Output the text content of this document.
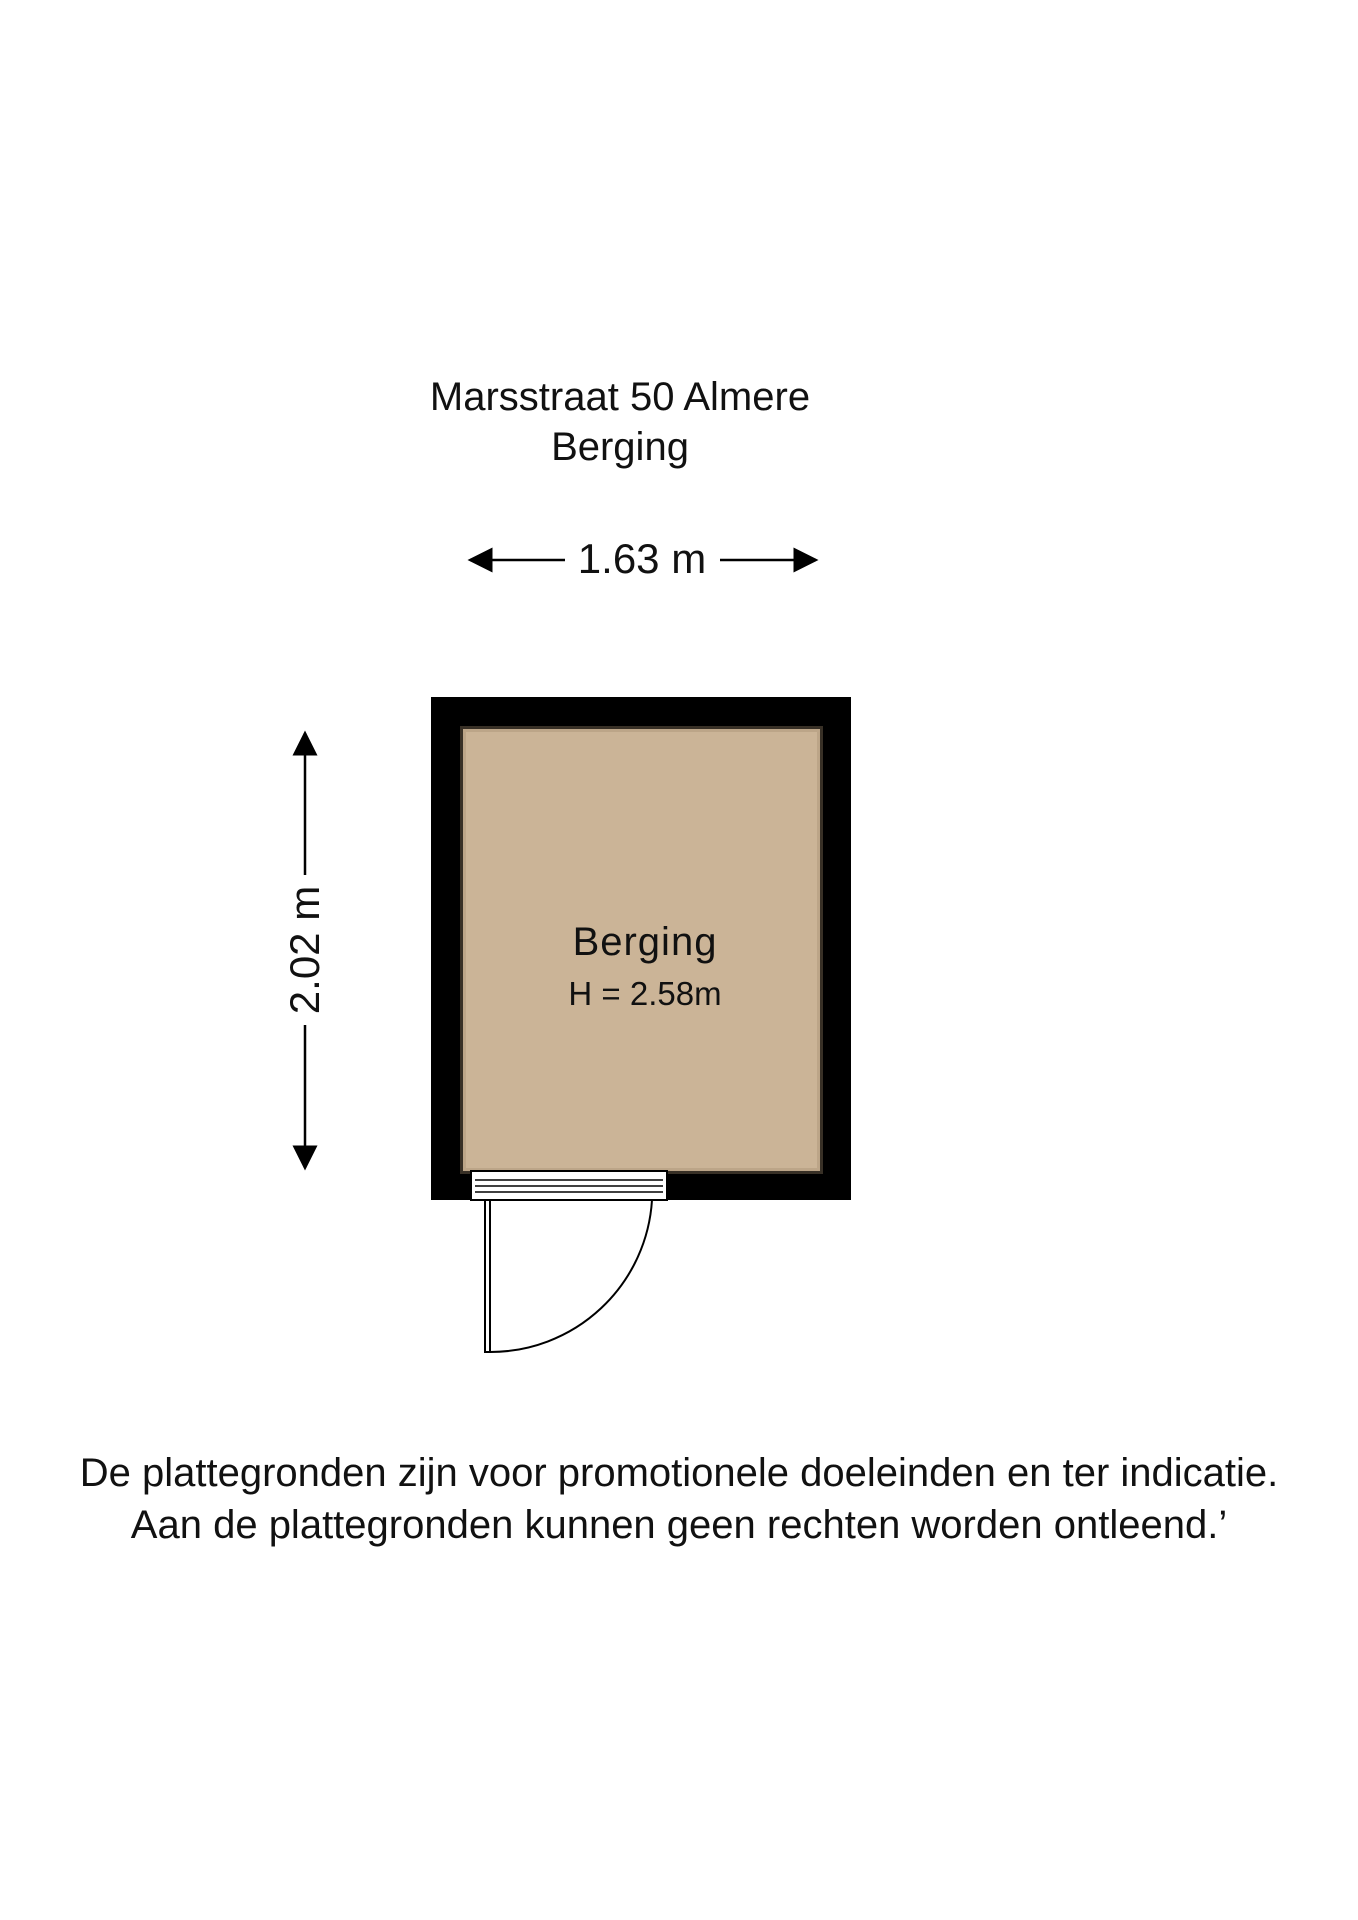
Marsstraat 50 Almere
Berging
1.63 m
2.02 m	Berging
H = 2.58m
De plattegronden zijn voor promotionele doeleinden en ter indicatie.
Aan de plattegronden kunnen geen rechten worden ontleend.’
